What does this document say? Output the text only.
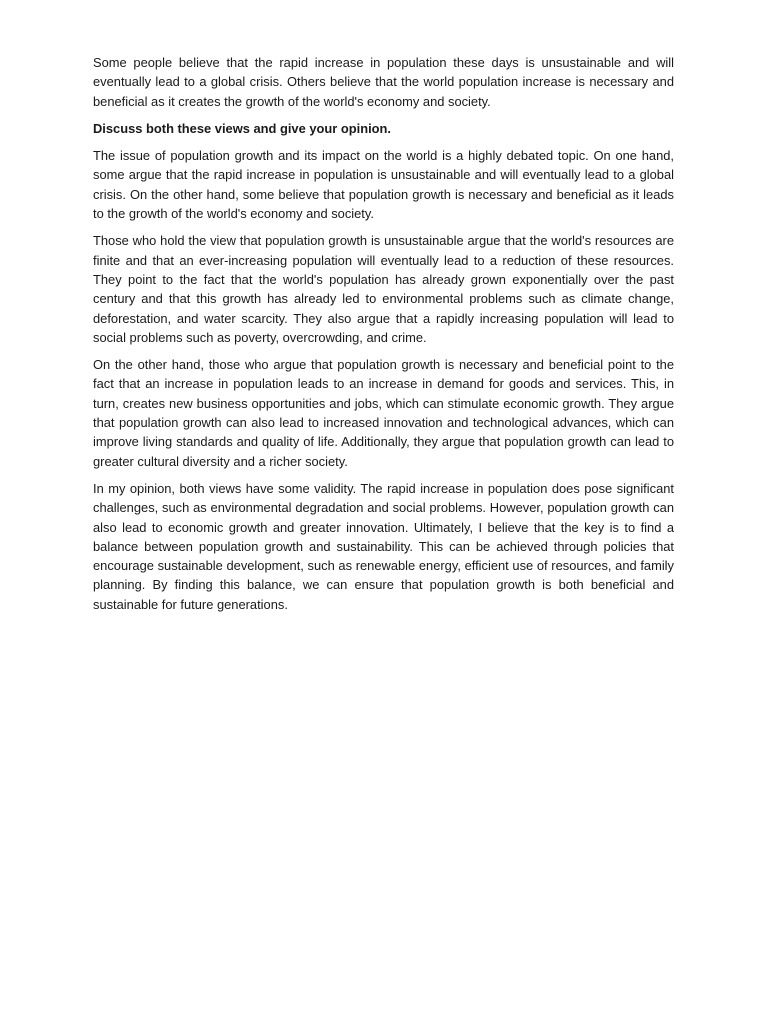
Some people believe that the rapid increase in population these days is unsustainable and will eventually lead to a global crisis. Others believe that the world population increase is necessary and beneficial as it creates the growth of the world's economy and society.

Discuss both these views and give your opinion.

The issue of population growth and its impact on the world is a highly debated topic. On one hand, some argue that the rapid increase in population is unsustainable and will eventually lead to a global crisis. On the other hand, some believe that population growth is necessary and beneficial as it leads to the growth of the world's economy and society.

Those who hold the view that population growth is unsustainable argue that the world's resources are finite and that an ever-increasing population will eventually lead to a reduction of these resources. They point to the fact that the world's population has already grown exponentially over the past century and that this growth has already led to environmental problems such as climate change, deforestation, and water scarcity. They also argue that a rapidly increasing population will lead to social problems such as poverty, overcrowding, and crime.

On the other hand, those who argue that population growth is necessary and beneficial point to the fact that an increase in population leads to an increase in demand for goods and services. This, in turn, creates new business opportunities and jobs, which can stimulate economic growth. They argue that population growth can also lead to increased innovation and technological advances, which can improve living standards and quality of life. Additionally, they argue that population growth can lead to greater cultural diversity and a richer society.

In my opinion, both views have some validity. The rapid increase in population does pose significant challenges, such as environmental degradation and social problems. However, population growth can also lead to economic growth and greater innovation. Ultimately, I believe that the key is to find a balance between population growth and sustainability. This can be achieved through policies that encourage sustainable development, such as renewable energy, efficient use of resources, and family planning. By finding this balance, we can ensure that population growth is both beneficial and sustainable for future generations.
